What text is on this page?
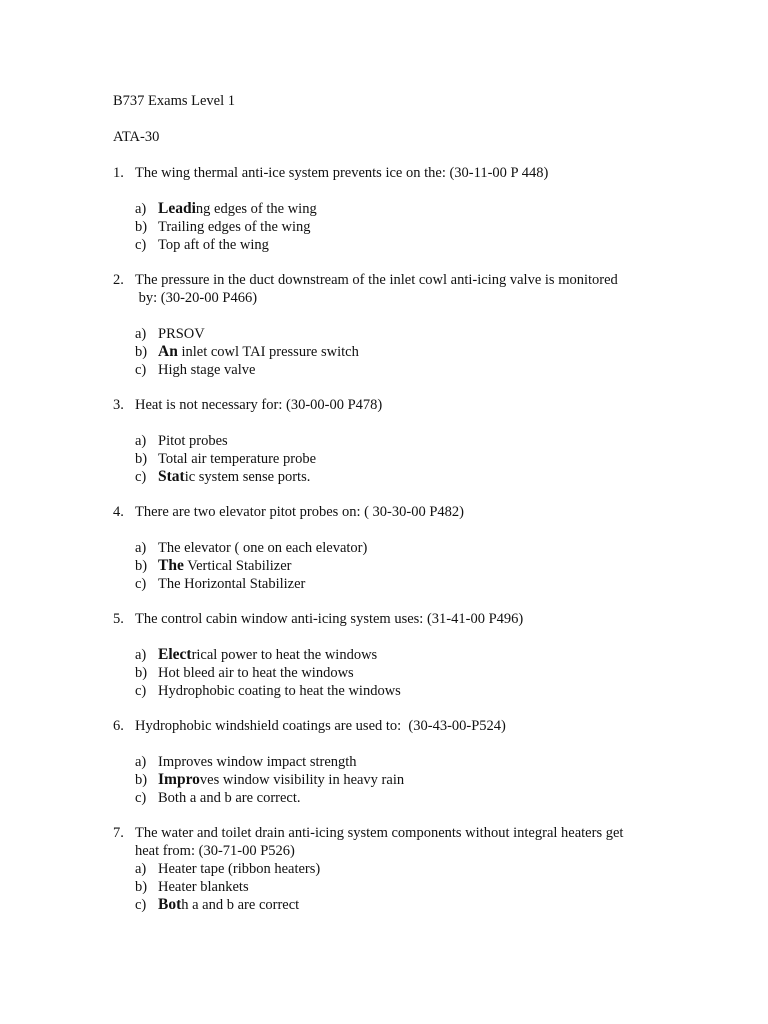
B737 Exams Level 1
ATA-30
1. The wing thermal anti-ice system prevents ice on the: (30-11-00 P 448)
a) Leading edges of the wing
b) Trailing edges of the wing
c) Top aft of the wing
2. The pressure in the duct downstream of the inlet cowl anti-icing valve is monitored
by: (30-20-00 P466)
a) PRSOV
b) An inlet cowl TAI pressure switch
c) High stage valve
3. Heat is not necessary for: (30-00-00 P478)
a) Pitot probes
b) Total air temperature probe
c) Static system sense ports.
4. There are two elevator pitot probes on: ( 30-30-00 P482)
a) The elevator ( one on each elevator)
b) The Vertical Stabilizer
c) The Horizontal Stabilizer
5. The control cabin window anti-icing system uses: (31-41-00 P496)
a) Electrical power to heat the windows
b) Hot bleed air to heat the windows
c) Hydrophobic coating to heat the windows
6. Hydrophobic windshield coatings are used to:  (30-43-00-P524)
a) Improves window impact strength
b) Improves window visibility in heavy rain
c) Both a and b are correct.
7. The water and toilet drain anti-icing system components without integral heaters get
heat from: (30-71-00 P526)
a) Heater tape (ribbon heaters)
b) Heater blankets
c) Both a and b are correct
